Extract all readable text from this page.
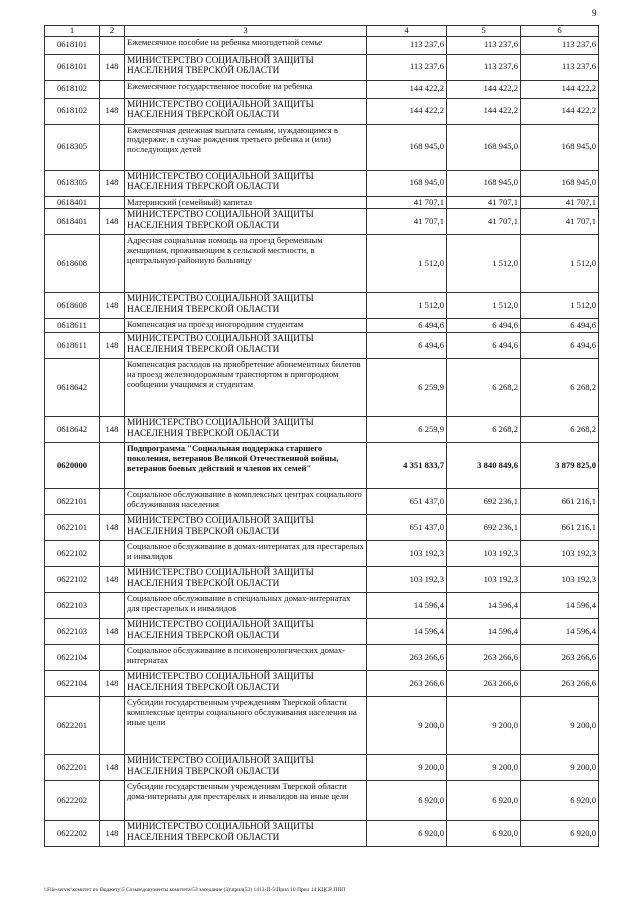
9
1	2	3	4	5	6
0618101		Ежемесячное пособие на ребенка многодетной семье	113 237,6	113 237,6	113 237,6
0618101	148	МИНИСТЕРСТВО СОЦИАЛЬНОЙ ЗАЩИТЫ НАСЕЛЕНИЯ ТВЕРСКОЙ ОБЛАСТИ	113 237,6	113 237,6	113 237,6
0618102		Ежемесячное государственное пособие на ребенка	144 422,2	144 422,2	144 422,2
0618102	148	МИНИСТЕРСТВО СОЦИАЛЬНОЙ ЗАЩИТЫ НАСЕЛЕНИЯ ТВЕРСКОЙ ОБЛАСТИ	144 422,2	144 422,2	144 422,2
0618305		Ежемесячная денежная выплата семьям, нуждающимся в поддержке, в случае рождения третьего ребенка и (или) последующих детей	168 945,0	168 945,0	168 945,0
0618305	148	МИНИСТЕРСТВО СОЦИАЛЬНОЙ ЗАЩИТЫ НАСЕЛЕНИЯ ТВЕРСКОЙ ОБЛАСТИ	168 945,0	168 945,0	168 945,0
0618401		Материнский (семейный) капитал	41 707,1	41 707,1	41 707,1
0618401	148	МИНИСТЕРСТВО СОЦИАЛЬНОЙ ЗАЩИТЫ НАСЕЛЕНИЯ ТВЕРСКОЙ ОБЛАСТИ	41 707,1	41 707,1	41 707,1
0618608		Адресная социальная помощь на проезд беременным женщинам, проживающим в сельской местности, в центральную районную больницу	1 512,0	1 512,0	1 512,0
0618608	148	МИНИСТЕРСТВО СОЦИАЛЬНОЙ ЗАЩИТЫ НАСЕЛЕНИЯ ТВЕРСКОЙ ОБЛАСТИ	1 512,0	1 512,0	1 512,0
0618611		Компенсация на проезд иногородним студентам	6 494,6	6 494,6	6 494,6
0618611	148	МИНИСТЕРСТВО СОЦИАЛЬНОЙ ЗАЩИТЫ НАСЕЛЕНИЯ ТВЕРСКОЙ ОБЛАСТИ	6 494,6	6 494,6	6 494,6
0618642		Компенсация расходов на приобретение абонементных билетов на проезд железнодорожным транспортом в пригородном сообщении учащимся и студентам	6 259,9	6 268,2	6 268,2
0618642	148	МИНИСТЕРСТВО СОЦИАЛЬНОЙ ЗАЩИТЫ НАСЕЛЕНИЯ ТВЕРСКОЙ ОБЛАСТИ	6 259,9	6 268,2	6 268,2
0620000		Подпрограмма "Социальная поддержка старшего поколения, ветеранов Великой Отечественной войны, ветеранов боевых действий и членов их семей"	4 351 833,7	3 840 849,6	3 879 825,0
0622101		Социальное обслуживание в комплексных центрах социального обслуживания населения	651 437,0	692 236,1	661 216,1
0622101	148	МИНИСТЕРСТВО СОЦИАЛЬНОЙ ЗАЩИТЫ НАСЕЛЕНИЯ ТВЕРСКОЙ ОБЛАСТИ	651 437,0	692 236,1	661 216,1
0622102		Социальное обслуживание в домах-интернатах для престарелых и инвалидов	103 192,3	103 192,3	103 192,3
0622102	148	МИНИСТЕРСТВО СОЦИАЛЬНОЙ ЗАЩИТЫ НАСЕЛЕНИЯ ТВЕРСКОЙ ОБЛАСТИ	103 192,3	103 192,3	103 192,3
0622103		Социальное обслуживание в специальных домах-интернатах для престарелых и инвалидов	14 596,4	14 596,4	14 596,4
0622103	148	МИНИСТЕРСТВО СОЦИАЛЬНОЙ ЗАЩИТЫ НАСЕЛЕНИЯ ТВЕРСКОЙ ОБЛАСТИ	14 596,4	14 596,4	14 596,4
0622104		Социальное обслуживание в психоневрологических домах-интернатах	263 266,6	263 266,6	263 266,6
0622104	148	МИНИСТЕРСТВО СОЦИАЛЬНОЙ ЗАЩИТЫ НАСЕЛЕНИЯ ТВЕРСКОЙ ОБЛАСТИ	263 266,6	263 266,6	263 266,6
0622201		Субсидии государственным учреждениям Тверской области комплексные центры социального обслуживания населения на иные цели	9 200,0	9 200,0	9 200,0
0622201	148	МИНИСТЕРСТВО СОЦИАЛЬНОЙ ЗАЩИТЫ НАСЕЛЕНИЯ ТВЕРСКОЙ ОБЛАСТИ	9 200,0	9 200,0	9 200,0
0622202		Субсидии государственным учреждениям Тверской области дома-интернаты для престарелых и инвалидов на иные цели	6 920,0	6 920,0	6 920,0
0622202	148	МИНИСТЕРСТВО СОЦИАЛЬНОЙ ЗАЩИТЫ НАСЕЛЕНИЯ ТВЕРСКОЙ ОБЛАСТИ	6 920,0	6 920,0	6 920,0
\\File-server\комитет по бюджету\5 Созыв\документы комитета\53 заседание (3)\прил(53) 1413-П-5\Прил 10 Прил 14 КЦСР ППП
